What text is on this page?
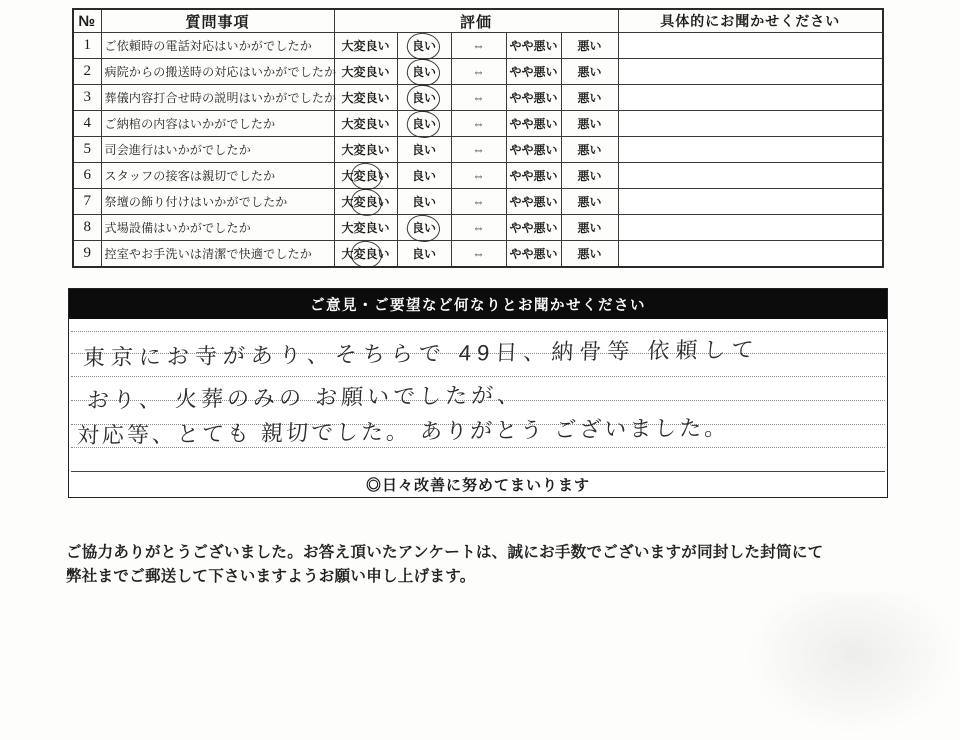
№	質問事項	評価					具体的にお聞かせください
1	ご依頼時の電話対応はいかがでしたか	大変良い	良い	⇔	やや悪い	悪い	
2	病院からの搬送時の対応はいかがでしたか	大変良い	良い	⇔	やや悪い	悪い	
3	葬儀内容打合せ時の説明はいかがでしたか	大変良い	良い	⇔	やや悪い	悪い	
4	ご納棺の内容はいかがでしたか	大変良い	良い	⇔	やや悪い	悪い	
5	司会進行はいかがでしたか	大変良い	良い	⇔	やや悪い	悪い	
6	スタッフの接客は親切でしたか	大変良い	良い	⇔	やや悪い	悪い	
7	祭壇の飾り付けはいかがでしたか	大変良い	良い	⇔	やや悪い	悪い	
8	式場設備はいかがでしたか	大変良い	良い	⇔	やや悪い	悪い	
9	控室やお手洗いは清潔で快適でしたか	大変良い	良い	⇔	やや悪い	悪い	
ご意見・ご要望など何なりとお聞かせください
東京にお寺があり、そちらで 49日、納骨等 依頼して
おり、 火葬のみの お願いでしたが、
対応等、とても 親切でした。 ありがとう ございました。
◎日々改善に努めてまいります
ご協力ありがとうございました。お答え頂いたアンケートは、誠にお手数でございますが同封した封筒にて
弊社までご郵送して下さいますようお願い申し上げます。
